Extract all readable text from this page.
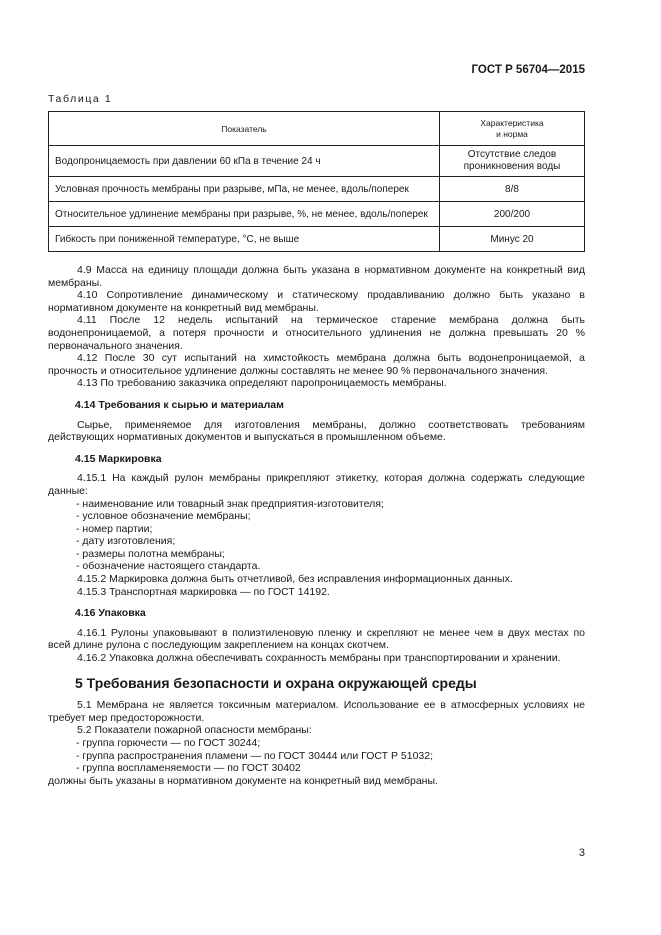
ГОСТ Р 56704—2015
Таблица 1
Показатель	Характеристика
и норма
Водопроницаемость при давлении 60 кПа в течение 24 ч	Отсутствие следов
проникновения воды
Условная прочность мембраны при разрыве, мПа, не менее, вдоль/поперек	8/8
Относительное удлинение мембраны при разрыве, %, не менее, вдоль/поперек	200/200
Гибкость при пониженной температуре, °C, не выше	Минус 20

4.9 Масса на единицу площади должна быть указана в нормативном документе на конкретный вид мембраны.

4.10 Сопротивление динамическому и статическому продавливанию должно быть указано в нормативном документе на конкретный вид мембраны.

4.11 После 12 недель испытаний на термическое старение мембрана должна быть водонепроницаемой, а потеря прочности и относительного удлинения не должна превышать 20 % первоначального значения.

4.12 После 30 сут испытаний на химстойкость мембрана должна быть водонепроницаемой, а прочность и относительное удлинение должны составлять не менее 90 % первоначального значения.

4.13 По требованию заказчика определяют паропроницаемость мембраны.

4.14 Требования к сырью и материалам

Сырье, применяемое для изготовления мембраны, должно соответствовать требованиям действующих нормативных документов и выпускаться в промышленном объеме.

4.15 Маркировка

4.15.1 На каждый рулон мембраны прикрепляют этикетку, которая должна содержать следующие данные:

- наименование или товарный знак предприятия-изготовителя;
- условное обозначение мембраны;
- номер партии;
- дату изготовления;
- размеры полотна мембраны;
- обозначение настоящего стандарта.

4.15.2 Маркировка должна быть отчетливой, без исправления информационных данных.

4.15.3 Транспортная маркировка — по ГОСТ 14192.

4.16 Упаковка

4.16.1 Рулоны упаковывают в полиэтиленовую пленку и скрепляют не менее чем в двух местах по всей длине рулона с последующим закреплением на концах скотчем.

4.16.2 Упаковка должна обеспечивать сохранность мембраны при транспортировании и хранении.

5 Требования безопасности и охрана окружающей среды

5.1 Мембрана не является токсичным материалом. Использование ее в атмосферных условиях не требует мер предосторожности.

5.2 Показатели пожарной опасности мембраны:

- группа горючести — по ГОСТ 30244;
- группа распространения пламени — по ГОСТ 30444 или ГОСТ Р 51032;
- группа воспламеняемости — по ГОСТ 30402

должны быть указаны в нормативном документе на конкретный вид мембраны.

3
